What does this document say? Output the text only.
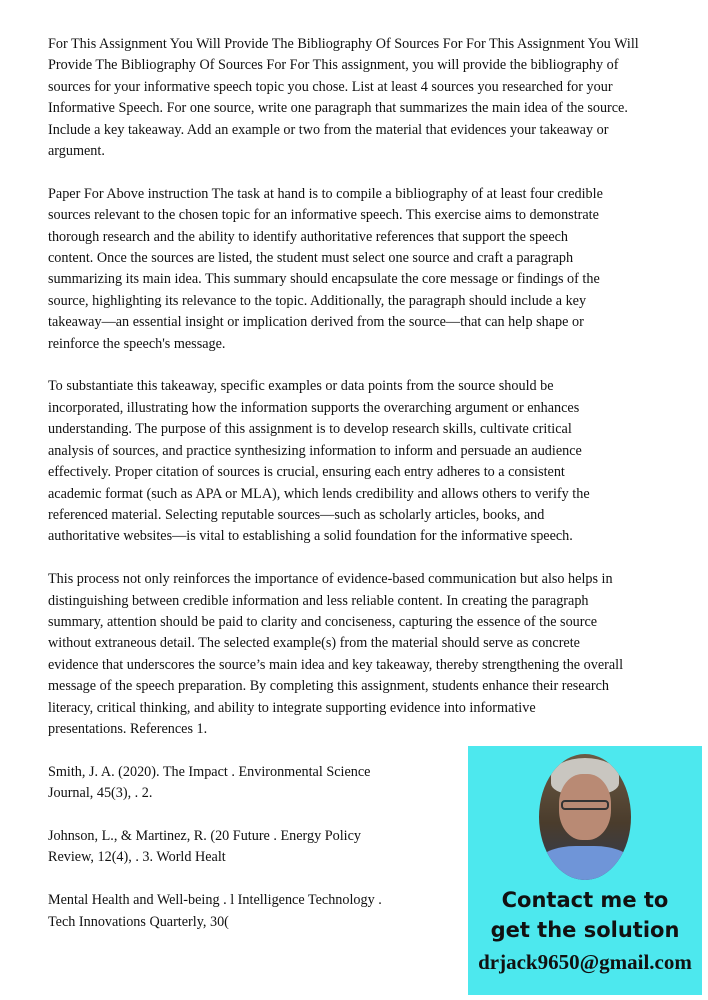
For This Assignment You Will Provide The Bibliography Of Sources For For This Assignment You Will
Provide The Bibliography Of Sources For For This assignment, you will provide the bibliography of
sources for your informative speech topic you chose. List at least 4 sources you researched for your
Informative Speech. For one source, write one paragraph that summarizes the main idea of the source.
Include a key takeaway. Add an example or two from the material that evidences your takeaway or
argument.

Paper For Above instruction The task at hand is to compile a bibliography of at least four credible
sources relevant to the chosen topic for an informative speech. This exercise aims to demonstrate
thorough research and the ability to identify authoritative references that support the speech
content. Once the sources are listed, the student must select one source and craft a paragraph
summarizing its main idea. This summary should encapsulate the core message or findings of the
source, highlighting its relevance to the topic. Additionally, the paragraph should include a key
takeaway—an essential insight or implication derived from the source—that can help shape or
reinforce the speech's message.

To substantiate this takeaway, specific examples or data points from the source should be
incorporated, illustrating how the information supports the overarching argument or enhances
understanding. The purpose of this assignment is to develop research skills, cultivate critical
analysis of sources, and practice synthesizing information to inform and persuade an audience
effectively. Proper citation of sources is crucial, ensuring each entry adheres to a consistent
academic format (such as APA or MLA), which lends credibility and allows others to verify the
referenced material. Selecting reputable sources—such as scholarly articles, books, and
authoritative websites—is vital to establishing a solid foundation for the informative speech.

This process not only reinforces the importance of evidence-based communication but also helps in
distinguishing between credible information and less reliable content. In creating the paragraph
summary, attention should be paid to clarity and conciseness, capturing the essence of the source
without extraneous detail. The selected example(s) from the material should serve as concrete
evidence that underscores the source’s main idea and key takeaway, thereby strengthening the overall
message of the speech preparation. By completing this assignment, students enhance their research
literacy, critical thinking, and ability to integrate supporting evidence into informative
presentations. References 1.

Smith, J. A. (2020). The Impact . Environmental Science
Journal, 45(3), . 2.

Johnson, L., & Martinez, R. (20 Future . Energy Policy
Review, 12(4), . 3. World Healt

Mental Health and Well-being . l Intelligence Technology .
Tech Innovations Quarterly, 30(

Contact me to
get the solution
drjack9650@gmail.com
